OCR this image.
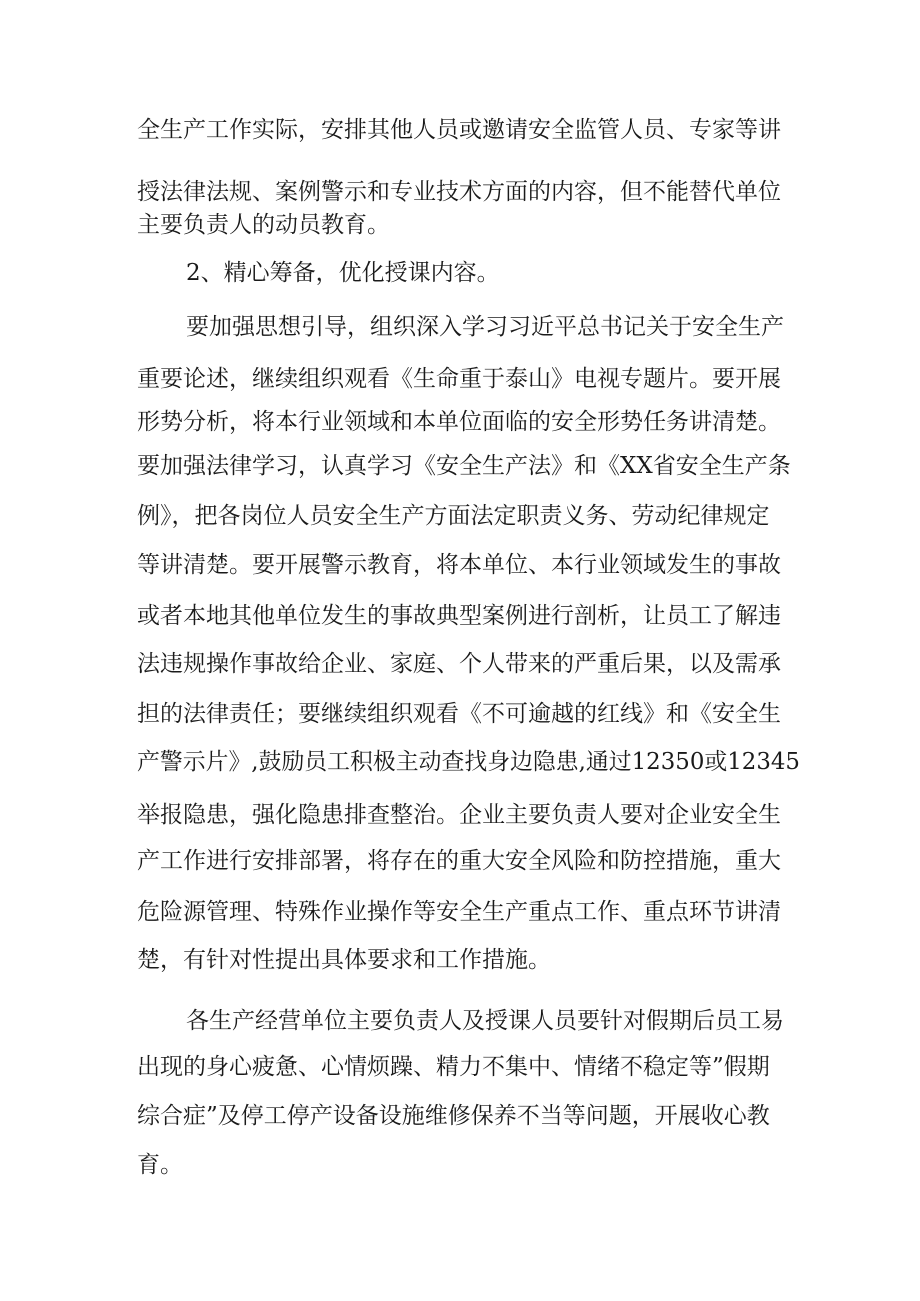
全生产工作实际，安排其他人员或邀请安全监管人员、专家等讲
授法律法规、案例警示和专业技术方面的内容，但不能替代单位
主要负责人的动员教育。
2、精心筹备，优化授课内容。
要加强思想引导，组织深入学习习近平总书记关于安全生产
重要论述，继续组织观看《生命重于泰山》电视专题片。要开展
形势分析，将本行业领域和本单位面临的安全形势任务讲清楚。
要加强法律学习，认真学习《安全生产法》和《XX省安全生产条
例》，把各岗位人员安全生产方面法定职责义务、劳动纪律规定
等讲清楚。要开展警示教育，将本单位、本行业领域发生的事故
或者本地其他单位发生的事故典型案例进行剖析，让员工了解违
法违规操作事故给企业、家庭、个人带来的严重后果，以及需承
担的法律责任；要继续组织观看《不可逾越的红线》和《安全生
产警示片》,鼓励员工积极主动查找身边隐患,通过12350或12345
举报隐患，强化隐患排查整治。企业主要负责人要对企业安全生
产工作进行安排部署，将存在的重大安全风险和防控措施，重大
危险源管理、特殊作业操作等安全生产重点工作、重点环节讲清
楚，有针对性提出具体要求和工作措施。
各生产经营单位主要负责人及授课人员要针对假期后员工易
出现的身心疲惫、心情烦躁、精力不集中、情绪不稳定等”假期
综合症”及停工停产设备设施维修保养不当等问题，开展收心教
育。
